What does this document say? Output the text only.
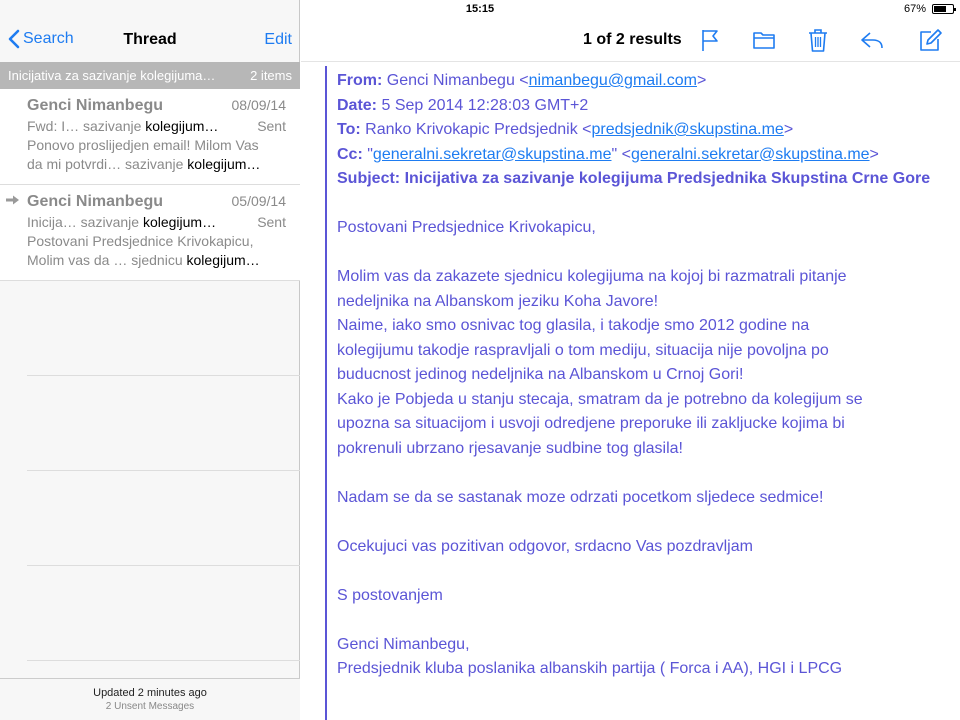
15:15	67%
Search	Thread	Edit
Inicijativa za sazivanje kolegijuma…	2 items
Genci Nimanbegu	08/09/14
Fwd: I… sazivanje kolegijum…	Sent
Ponovo proslijedjen email! Milom Vas
da mi potvrdi… sazivanje kolegijum…
Genci Nimanbegu	05/09/14
Inicija… sazivanje kolegijum…	Sent
Postovani Predsjednice Krivokapicu,
Molim vas da … sjednicu kolegijum…
Updated 2 minutes ago
2 Unsent Messages
1 of 2 results
From: Genci Nimanbegu <nimanbegu@gmail.com>
Date: 5 Sep 2014 12:28:03 GMT+2
To: Ranko Krivokapic Predsjednik <predsjednik@skupstina.me>
Cc: "generalni.sekretar@skupstina.me" <generalni.sekretar@skupstina.me>
Subject: Inicijativa za sazivanje kolegijuma Predsjednika Skupstina Crne Gore
Postovani Predsjednice Krivokapicu,
Molim vas da zakazete sjednicu kolegijuma na kojoj bi razmatrali pitanje
nedeljnika na Albanskom jeziku Koha Javore!
Naime, iako smo osnivac tog glasila, i takodje smo 2012 godine na
kolegijumu takodje raspravljali o tom mediju, situacija nije povoljna po
buducnost jedinog nedeljnika na Albanskom u Crnoj Gori!
Kako je Pobjeda u stanju stecaja, smatram da je potrebno da kolegijum se
upozna sa situacijom i usvoji odredjene preporuke ili zakljucke kojima bi
pokrenuli ubrzano rjesavanje sudbine tog glasila!
Nadam se da se sastanak moze odrzati pocetkom sljedece sedmice!
Ocekujuci vas pozitivan odgovor, srdacno Vas pozdravljam
S postovanjem
Genci Nimanbegu,
Predsjednik kluba poslanika albanskih partija ( Forca i AA), HGI i LPCG
